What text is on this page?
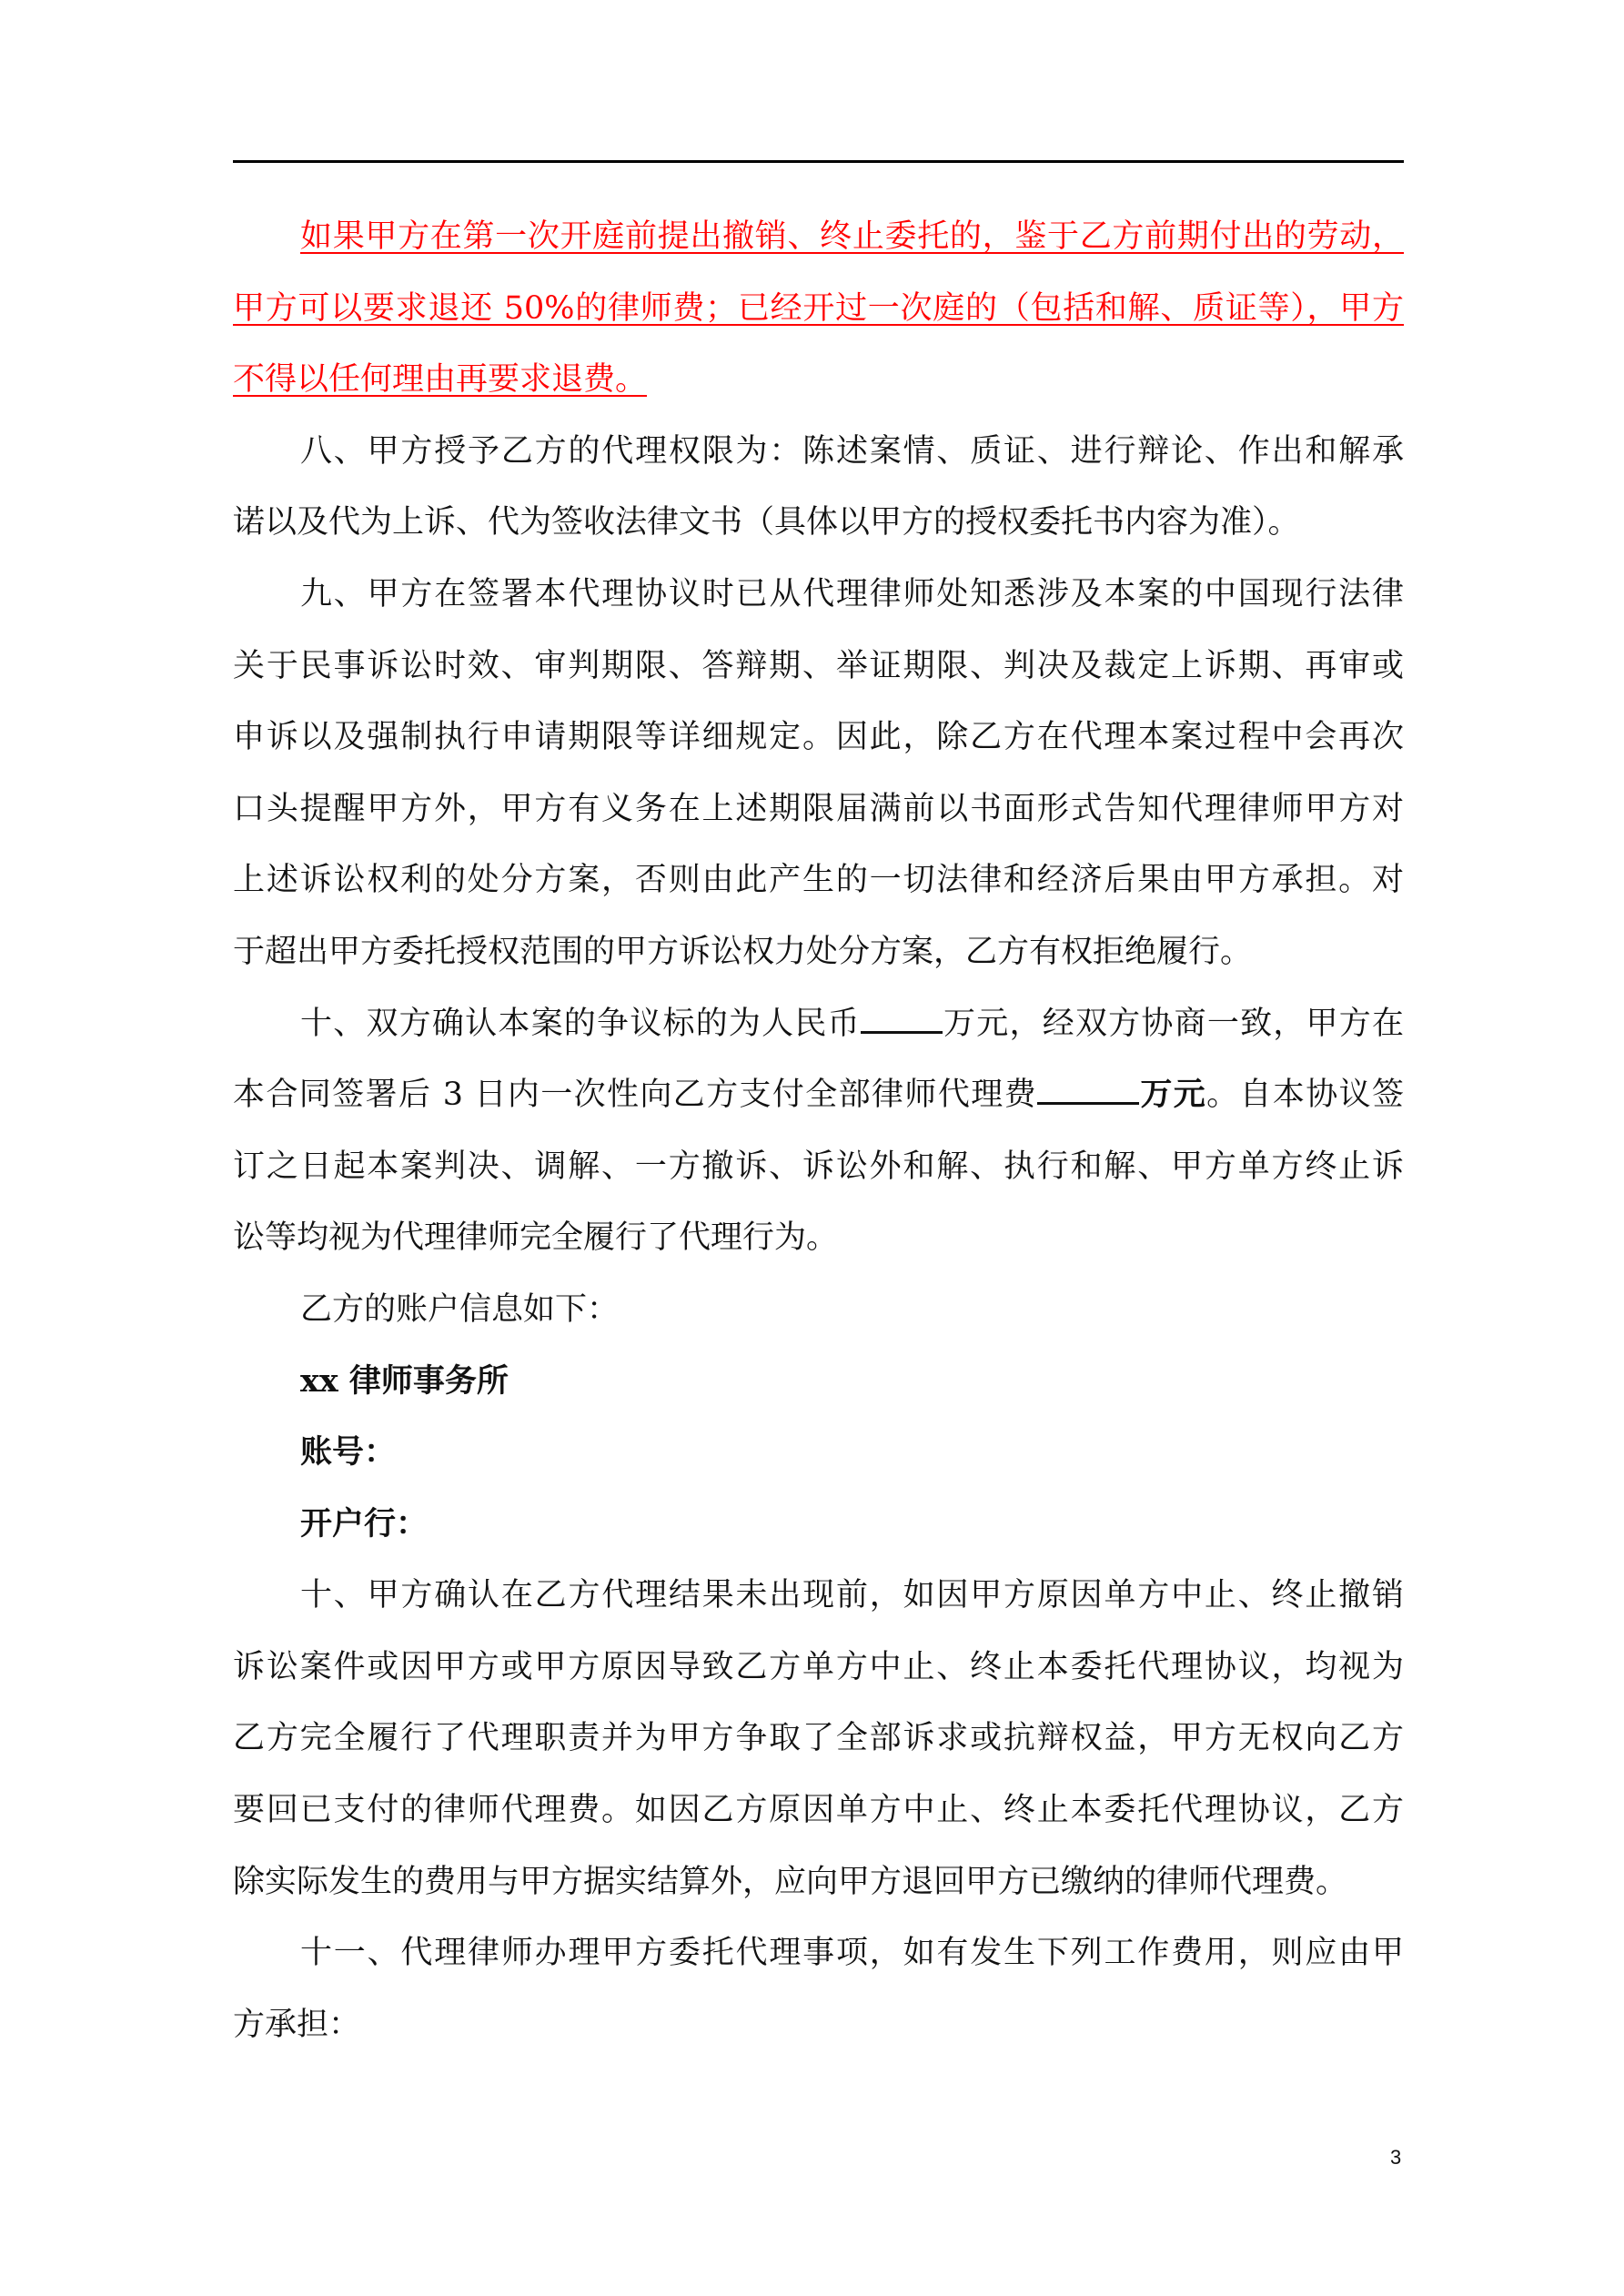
如果甲方在第一次开庭前提出撤销、终止委托的，鉴于乙方前期付出的劳动，
甲方可以要求退还 50%的律师费；已经开过一次庭的（包括和解、质证等），甲方
不得以任何理由再要求退费。
八、甲方授予乙方的代理权限为：陈述案情、质证、进行辩论、作出和解承
诺以及代为上诉、代为签收法律文书（具体以甲方的授权委托书内容为准）。
九、甲方在签署本代理协议时已从代理律师处知悉涉及本案的中国现行法律
关于民事诉讼时效、审判期限、答辩期、举证期限、判决及裁定上诉期、再审或
申诉以及强制执行申请期限等详细规定。因此，除乙方在代理本案过程中会再次
口头提醒甲方外，甲方有义务在上述期限届满前以书面形式告知代理律师甲方对
上述诉讼权利的处分方案，否则由此产生的一切法律和经济后果由甲方承担。对
于超出甲方委托授权范围的甲方诉讼权力处分方案，乙方有权拒绝履行。
十、双方确认本案的争议标的为人民币	万元，经双方协商一致，甲方在
本合同签署后 3 日内一次性向乙方支付全部律师代理费	万元。自本协议签
订之日起本案判决、调解、一方撤诉、诉讼外和解、执行和解、甲方单方终止诉
讼等均视为代理律师完全履行了代理行为。
乙方的账户信息如下：
xx 律师事务所
账号：
开户行：
十、甲方确认在乙方代理结果未出现前，如因甲方原因单方中止、终止撤销
诉讼案件或因甲方或甲方原因导致乙方单方中止、终止本委托代理协议，均视为
乙方完全履行了代理职责并为甲方争取了全部诉求或抗辩权益，甲方无权向乙方
要回已支付的律师代理费。如因乙方原因单方中止、终止本委托代理协议，乙方
除实际发生的费用与甲方据实结算外，应向甲方退回甲方已缴纳的律师代理费。
十一、代理律师办理甲方委托代理事项，如有发生下列工作费用，则应由甲
方承担：
3
